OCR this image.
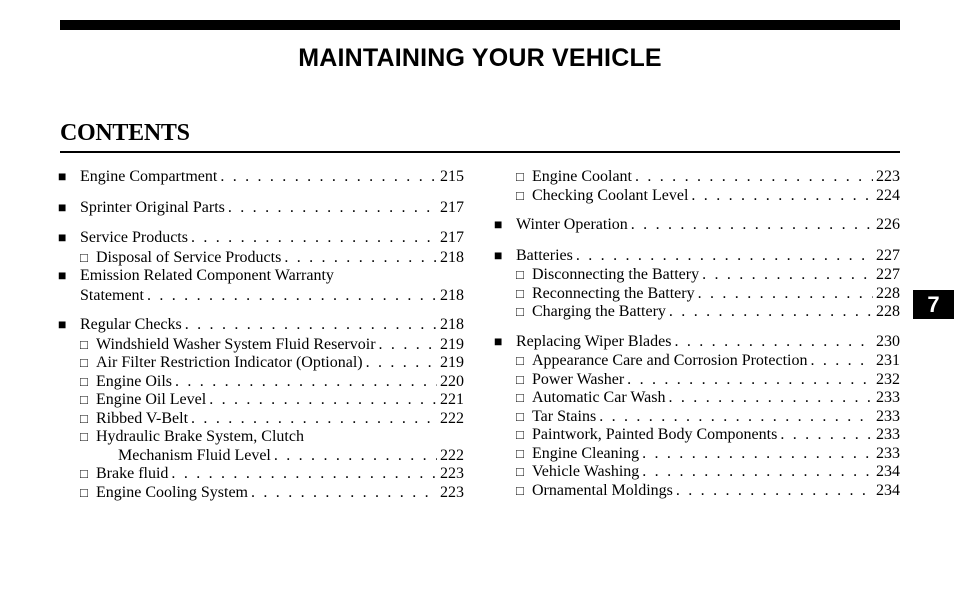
MAINTAINING YOUR VEHICLE
CONTENTS
■ Engine Compartment . . .	215
■ Sprinter Original Parts . . .	217
■ Service Products . . .	217
□ Disposal of Service Products . . .	218
■ Emission Related Component Warranty
Statement . . .	218
■ Regular Checks . . .	218
□ Windshield Washer System Fluid Reservoir . . .	219
□ Air Filter Restriction Indicator (Optional) . . .	219
□ Engine Oils . . .	220
□ Engine Oil Level . . .	221
□ Ribbed V-Belt . . .	222
□ Hydraulic Brake System, Clutch
Mechanism Fluid Level . . .	222
□ Brake fluid . . .	223
□ Engine Cooling System . . .	223
□ Engine Coolant . . .	223
□ Checking Coolant Level . . .	224
■ Winter Operation . . .	226
■ Batteries . . .	227
□ Disconnecting the Battery . . .	227
□ Reconnecting the Battery . . .	228
□ Charging the Battery . . .	228
■ Replacing Wiper Blades . . .	230
□ Appearance Care and Corrosion Protection . . .	231
□ Power Washer . . .	232
□ Automatic Car Wash . . .	233
□ Tar Stains . . .	233
□ Paintwork, Painted Body Components . . .	233
□ Engine Cleaning . . .	233
□ Vehicle Washing . . .	234
□ Ornamental Moldings . . .	234
7
